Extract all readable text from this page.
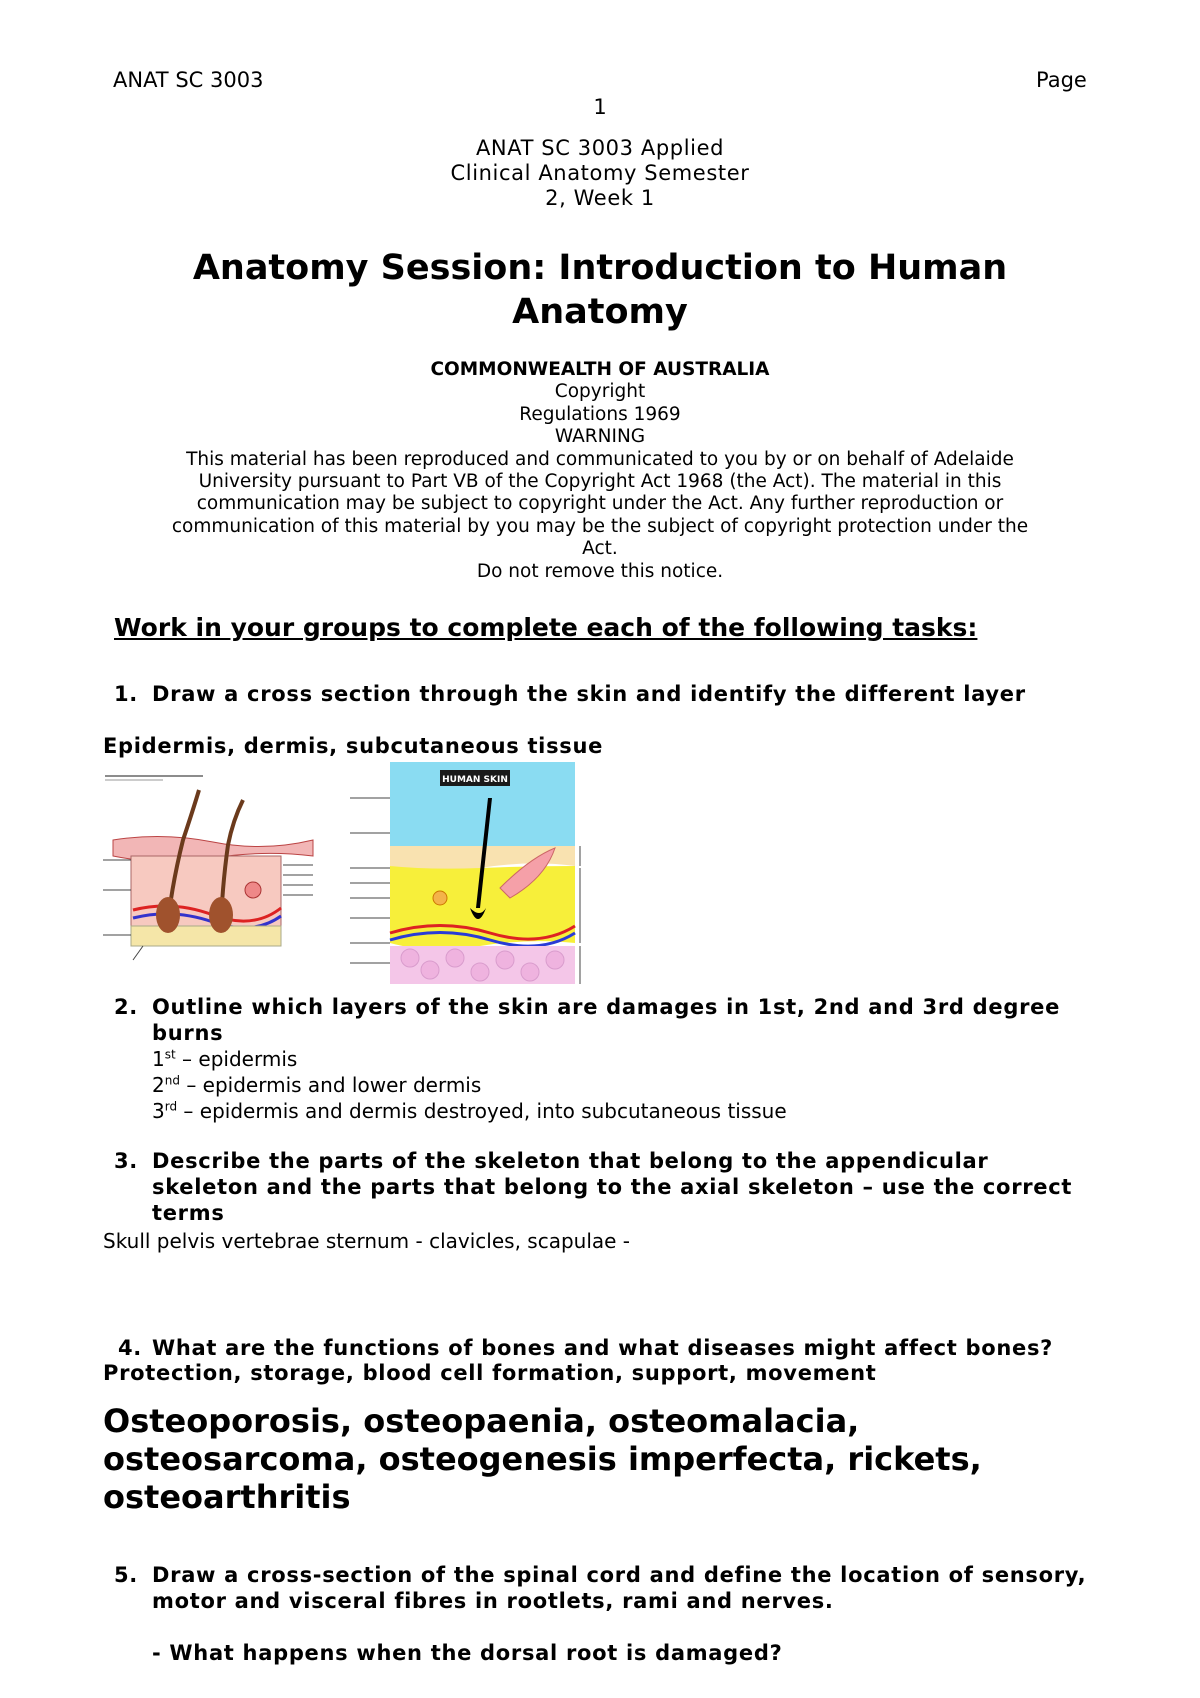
ANAT SC 3003	Page
1
ANAT SC 3003 Applied
Clinical Anatomy Semester
2, Week 1
Anatomy Session: Introduction to Human
Anatomy
COMMONWEALTH OF AUSTRALIA
Copyright
Regulations 1969
WARNING
This material has been reproduced and communicated to you by or on behalf of Adelaide
University pursuant to Part VB of the Copyright Act 1968 (the Act). The material in this
communication may be subject to copyright under the Act. Any further reproduction or
communication of this material by you may be the subject of copyright protection under the
Act.
Do not remove this notice.
Work in your groups to complete each of the following tasks:
1. Draw a cross section through the skin and identify the different layer
Epidermis, dermis, subcutaneous tissue
HUMAN SKIN
2. Outline which layers of the skin are damages in 1st, 2nd and 3rd degree
burns
1st – epidermis
2nd – epidermis and lower dermis
3rd – epidermis and dermis destroyed, into subcutaneous tissue
3. Describe the parts of the skeleton that belong to the appendicular
skeleton and the parts that belong to the axial skeleton – use the correct
terms
Skull pelvis vertebrae sternum - clavicles, scapulae -
4. What are the functions of bones and what diseases might affect bones?
Protection, storage, blood cell formation, support, movement
Osteoporosis, osteopaenia, osteomalacia,
osteosarcoma, osteogenesis imperfecta, rickets,
osteoarthritis
5. Draw a cross-section of the spinal cord and define the location of sensory,
motor and visceral fibres in rootlets, rami and nerves.
- What happens when the dorsal root is damaged?
